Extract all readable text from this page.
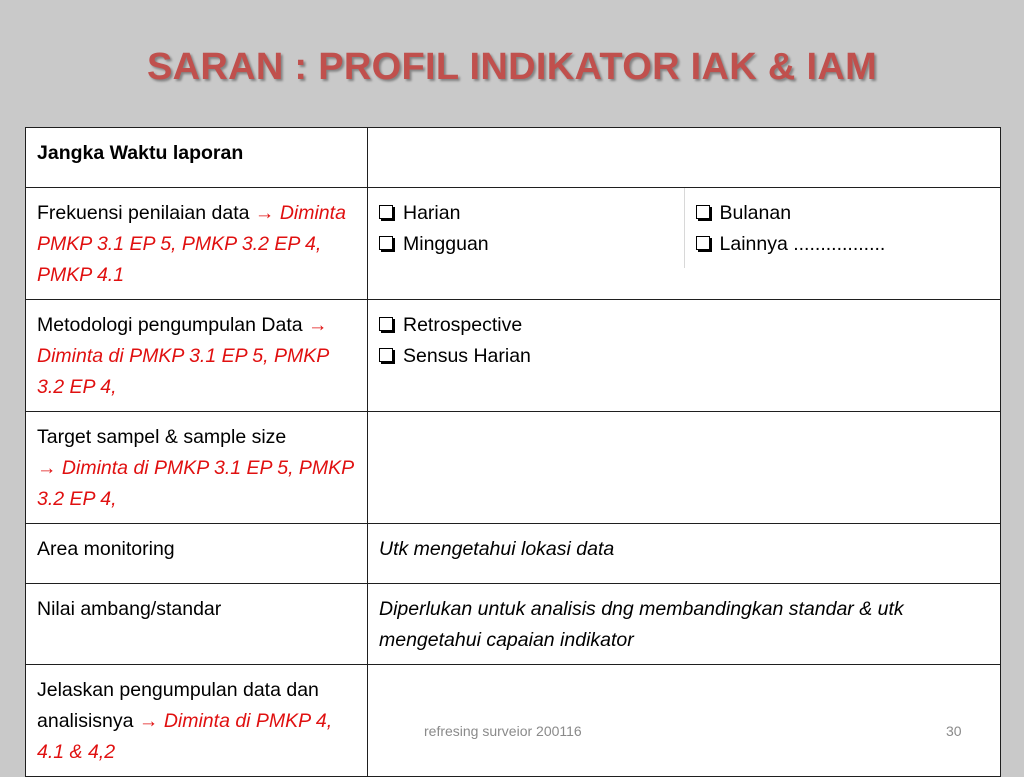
SARAN : PROFIL INDIKATOR IAK & IAM
Jangka Waktu laporan	

Frekuensi penilaian data → Diminta PMKP 3.1 EP 5, PMKP 3.2 EP 4, PMKP 4.1	Harian
Mingguan
Bulanan
Lainnya .................

Metodologi pengumpulan Data → Diminta di PMKP 3.1 EP 5, PMKP 3.2 EP 4,	Retrospective
Sensus Harian

Target sampel & sample size
→ Diminta di PMKP 3.1 EP 5, PMKP 3.2 EP 4,	

Area monitoring	Utk mengetahui lokasi data

Nilai ambang/standar	Diperlukan untuk analisis dng membandingkan standar & utk mengetahui capaian indikator

Jelaskan pengumpulan data dan analisisnya → Diminta di PMKP 4, 4.1 & 4,2	

refresing surveior 200116	30
